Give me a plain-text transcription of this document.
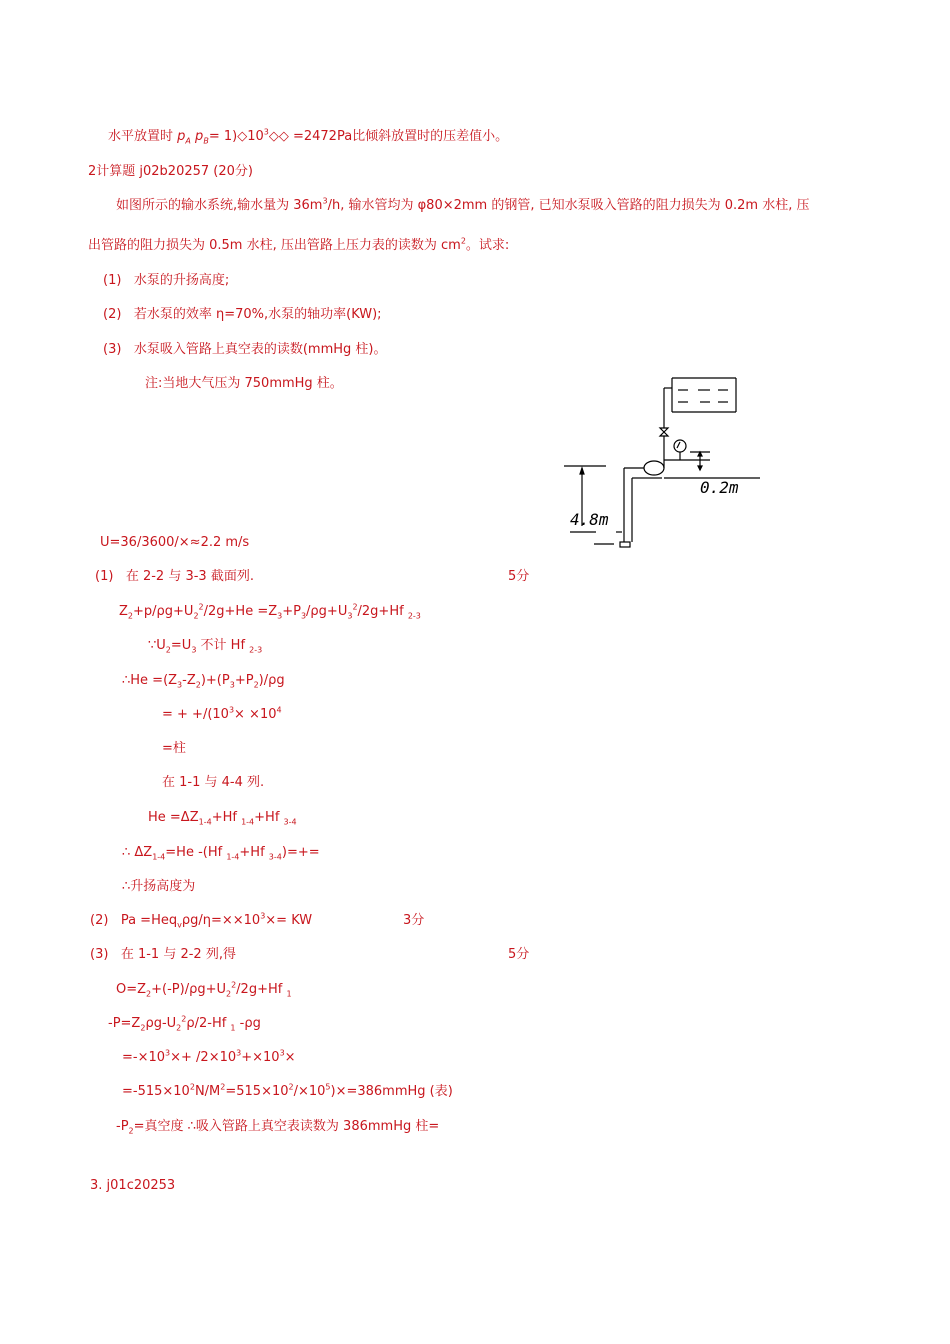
水平放置时 $p_A$ $p_B=$ $1)◇10^3◇◇ =2472Pa$比倾斜放置时的压差值小。
2计算题 j02b20257 (20分)
如图所示的输水系统,输水量为 $36m^3/h$, 输水管均为 φ80×2mm 的钢管, 已知水泵吸入管路的阻力损失为 0.2m 水柱, 压
出管路的阻力损失为 0.5m 水柱, 压出管路上压力表的读数为 $cm^2$。试求:
(1) 水泵的升扬高度;
(2) 若水泵的效率 η=70%,水泵的轴功率(KW);
(3) 水泵吸入管路上真空表的读数(mmHg 柱)。
注:当地大气压为 750mmHg 柱。
0.2m
4.8m
U=36/3600/×≈2.2 m/s
(1) 在 2-2 与 3-3 截面列.	5分
$Z_2+p/\rho g+U_2^2/2g+He =Z_3+P_3/\rho g+U_3^2/2g+Hf$ $_{2-3}$
$\because U_2=U_3$ 不计 Hf $_{2-3}$
∴He $=(Z_3-Z_2)+(P_3+P_2)/\rho g$
= + $+/(10^3\times \times 10^4$
=柱
在 1-1 与 4-4 列.
$He =\Delta Z_{1-4}+Hf$ $_{1-4}$+Hf $_{3-4}$
∴ $\Delta Z_{1-4}=He$ -(Hf $_{1-4}$+Hf $_{3-4}$)=+=
∴升扬高度为
(2) $Pa =Heq_v\rho g/\eta=\times\times 10^3\times=$ KW	3分
(3) 在 1-1 与 2-2 列,得	5分
$O=Z_2+(-P)/\rho g+U_2^2/2g+Hf$ $_1$
$-P=Z_2\rho g-U_2^2\rho/2-Hf$ $_1$ -ρg
$=-\times 10^3\times+ /2\times 10^3+\times 10^3\times$
$=-515\times 10^2N/M^2=515\times 10^2/\times 10^5)\times=386mmHg$ (表)
$-P_2=$真空度 ∴吸入管路上真空表读数为 386mmHg 柱=
3. j01c20253
